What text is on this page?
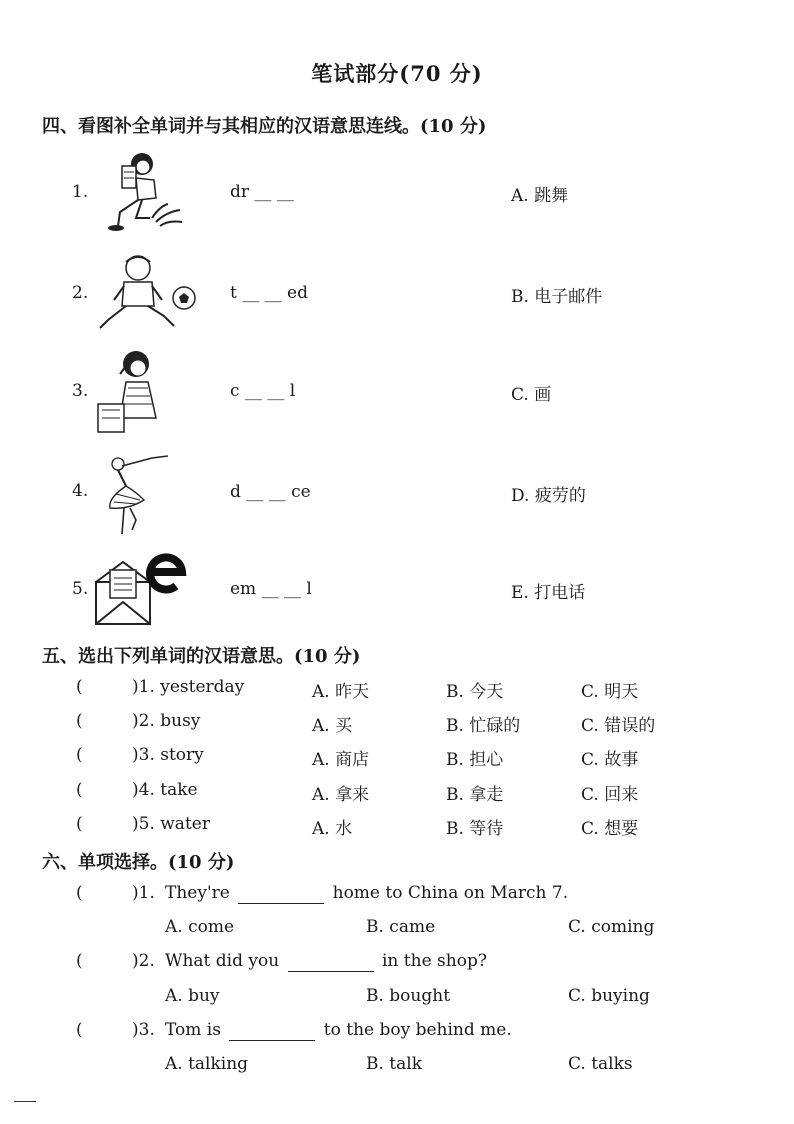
笔试部分(70 分)
四、看图补全单词并与其相应的汉语意思连线。(10 分)
1.	dr __ __	A. 跳舞
2.	t __ __ ed	B. 电子邮件
3.	c __ __ l	C. 画
4.	d __ __ ce	D. 疲劳的
5.	em __ __ l	E. 打电话
五、选出下列单词的汉语意思。(10 分)
(	)1. yesterday	A. 昨天	B. 今天	C. 明天
(	)2. busy	A. 买	B. 忙碌的	C. 错误的
(	)3. story	A. 商店	B. 担心	C. 故事
(	)4. take	A. 拿来	B. 拿走	C. 回来
(	)5. water	A. 水	B. 等待	C. 想要
六、单项选择。(10 分)
(	)1. They're	home to China on March 7.
A. come	B. came	C. coming
(	)2. What did you	in the shop?
A. buy	B. bought	C. buying
(	)3. Tom is	to the boy behind me.
A. talking	B. talk	C. talks
